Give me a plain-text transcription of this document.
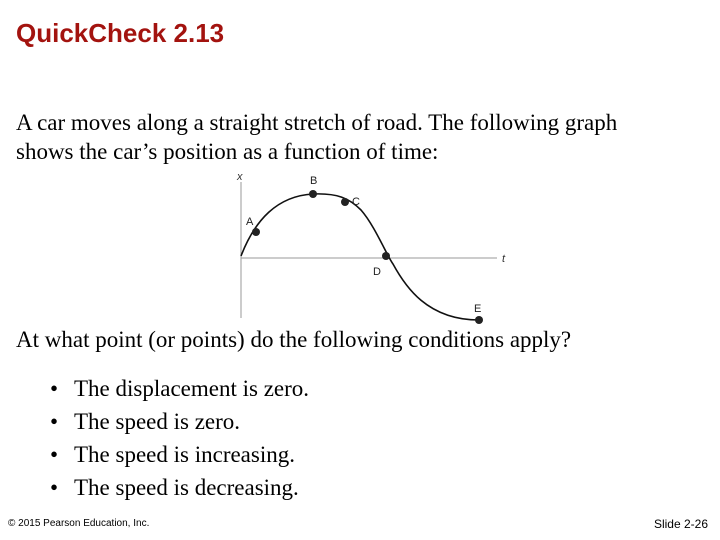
QuickCheck 2.13
A car moves along a straight stretch of road. The following graph shows the car’s position as a function of time:
x
t
A
B
C
D
E
At what point (or points) do the following conditions apply?
• The displacement is zero.
• The speed is zero.
• The speed is increasing.
• The speed is decreasing.
© 2015 Pearson Education, Inc.	Slide 2-26
